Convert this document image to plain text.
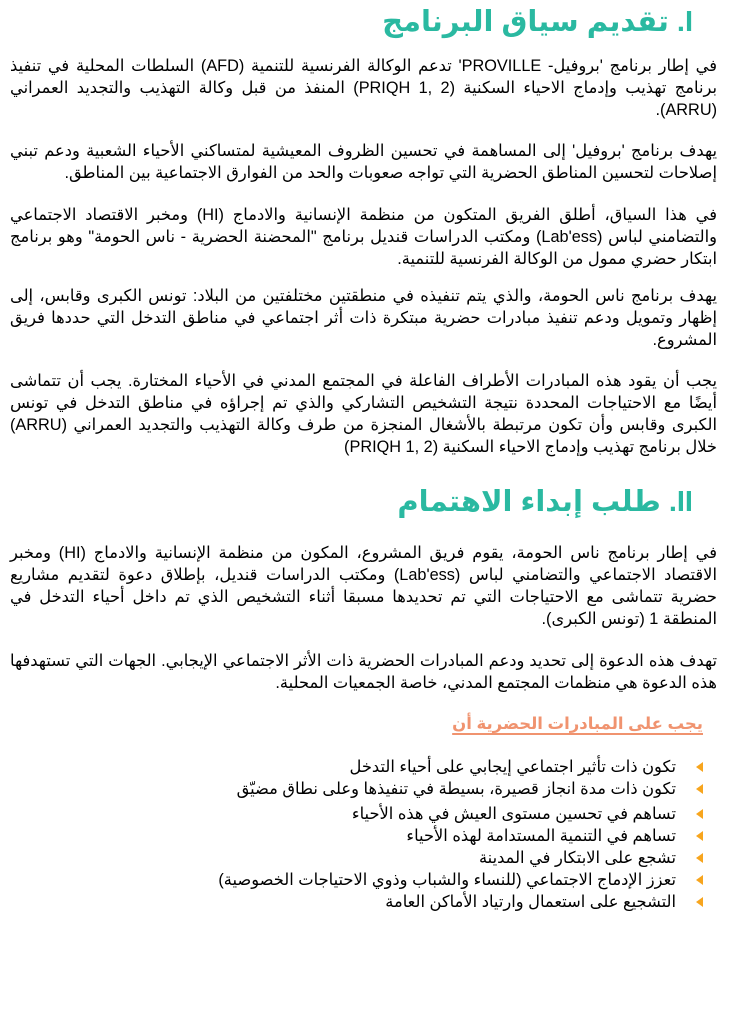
I.تقديم سياق البرنامج

في إطار برنامج 'بروفيل- PROVILLE' تدعم الوكالة الفرنسية للتنمية (AFD) السلطات المحلية في تنفيذ برنامج تهذيب وإدماج الاحياء السكنية (PRIQH 1, 2) المنفذ من قبل وكالة التهذيب والتجديد العمراني (ARRU).

يهدف برنامج 'بروفيل' إلى المساهمة في تحسين الظروف المعيشية لمتساكني الأحياء الشعبية ودعم تبني إصلاحات لتحسين المناطق الحضرية التي تواجه صعوبات والحد من الفوارق الاجتماعية بين المناطق.

في هذا السياق، أطلق الفريق المتكون من منظمة الإنسانية والادماج (HI) ومخبر الاقتصاد الاجتماعي والتضامني لباس (Lab'ess) ومكتب الدراسات قنديل برنامج "المحضنة الحضرية - ناس الحومة" وهو برنامج ابتكار حضري ممول من الوكالة الفرنسية للتنمية.

يهدف برنامج ناس الحومة، والذي يتم تنفيذه في منطقتين مختلفتين من البلاد: تونس الكبرى وقابس، إلى إظهار وتمويل ودعم تنفيذ مبادرات حضرية مبتكرة ذات أثر اجتماعي في مناطق التدخل التي حددها فريق المشروع.

يجب أن يقود هذه المبادرات الأطراف الفاعلة في المجتمع المدني في الأحياء المختارة. يجب أن تتماشى أيضًا مع الاحتياجات المحددة نتيجة التشخيص التشاركي والذي تم إجراؤه في مناطق التدخل في تونس الكبرى وقابس وأن تكون مرتبطة بالأشغال المنجزة من طرف وكالة التهذيب والتجديد العمراني (ARRU) خلال برنامج تهذيب وإدماج الاحياء السكنية (PRIQH 1, 2)

II.طلب إبداء الاهتمام

في إطار برنامج ناس الحومة، يقوم فريق المشروع، المكون من منظمة الإنسانية والادماج (HI) ومخبر الاقتصاد الاجتماعي والتضامني لباس (Lab'ess) ومكتب الدراسات قنديل، بإطلاق دعوة لتقديم مشاريع حضرية تتماشى مع الاحتياجات التي تم تحديدها مسبقا أثناء التشخيص الذي تم داخل أحياء التدخل في المنطقة 1 (تونس الكبرى).

تهدف هذه الدعوة إلى تحديد ودعم المبادرات الحضرية ذات الأثر الاجتماعي الإيجابي. الجهات التي تستهدفها هذه الدعوة هي منظمات المجتمع المدني، خاصة الجمعيات المحلية.

يجب على المبادرات الحضرية أن
تكون ذات تأثير اجتماعي إيجابي على أحياء التدخل
تكون ذات مدة انجاز قصيرة، بسيطة في تنفيذها وعلى نطاق مضيّق
تساهم في تحسين مستوى العيش في هذه الأحياء
تساهم في التنمية المستدامة لهذه الأحياء
تشجع على الابتكار في المدينة
تعزز الإدماج الاجتماعي (للنساء والشباب وذوي الاحتياجات الخصوصية)
التشجيع على استعمال وارتياد الأماكن العامة
